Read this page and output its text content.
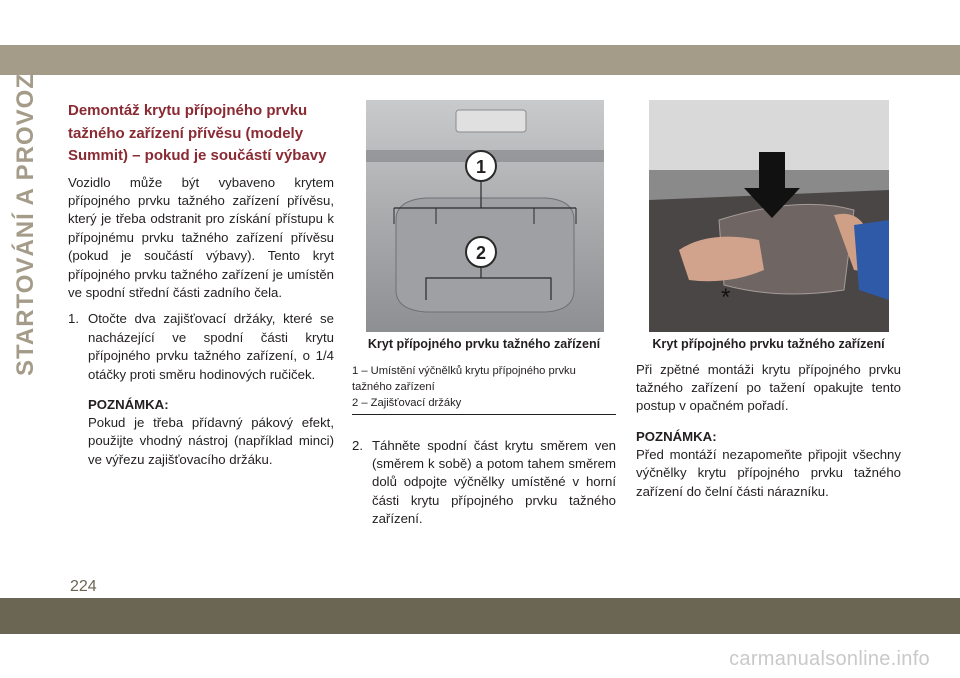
STARTOVÁNÍ A PROVOZ Demontáž krytu přípojného prvku tažného zařízení přívěsu (modely Summit) – pokud je součástí výbavy

Vozidlo může být vybaveno krytem přípojného prvku tažného zařízení přívěsu, který je třeba odstranit pro získání přístupu k přípojnému prvku tažného zařízení přívěsu (pokud je součástí výbavy). Tento kryt přípojného prvku tažného zařízení je umístěn ve spodní střední části zadního čela.

1. Otočte dva zajišťovací držáky, které se nacházející ve spodní části krytu přípojného prvku tažného zařízení, o 1/4 otáčky proti směru hodinových ručiček.
POZNÁMKA:

Pokud je třeba přídavný pákový efekt, použijte vhodný nástroj (například minci) ve výřezu zajišťovacího držáku.

1
2
Kryt přípojného prvku tažného zařízení
1 – Umístění výčnělků krytu přípojného prvku tažného zařízení
2 – Zajišťovací držáky
2. Táhněte spodní část krytu směrem ven (směrem k sobě) a potom tahem směrem dolů odpojte výčnělky umístěné v horní části krytu přípojného prvku tažného zařízení.
*
Kryt přípojného prvku tažného zařízení

Při zpětné montáži krytu přípojného prvku tažného zařízení po tažení opakujte tento postup v opačném pořadí.

POZNÁMKA:

Před montáží nezapomeňte připojit všechny výčnělky krytu přípojného prvku tažného zařízení do čelní části nárazníku.

224
carmanualsonline.info
